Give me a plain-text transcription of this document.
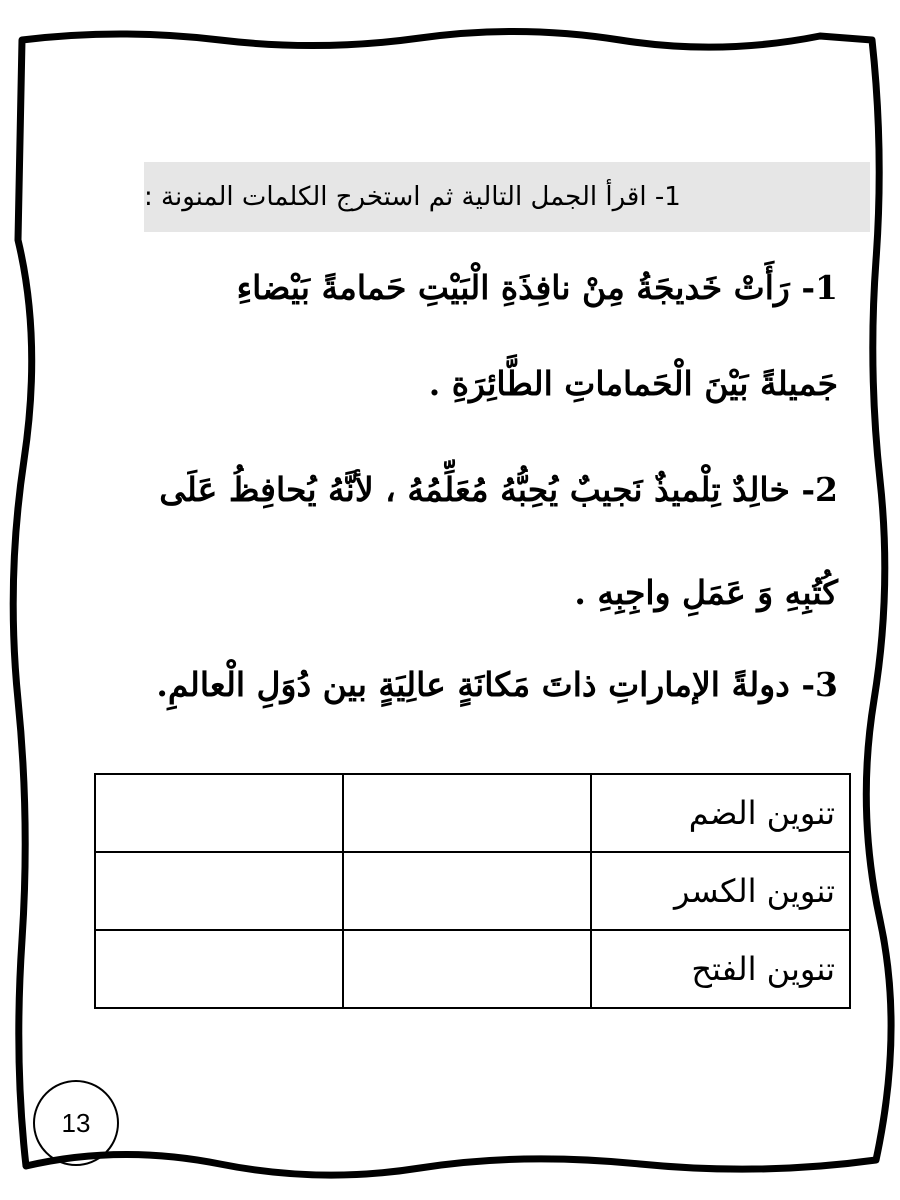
1- اقرأ الجمل التالية ثم استخرج الكلمات المنونة :
1- رَأَتْ خَديجَةُ مِنْ نافِذَةِ الْبَيْتِ حَمامةً بَيْضاءِ
جَميلةً بَيْنَ الْحَماماتِ الطَّائِرَةِ .
2- خالِدٌ تِلْميذٌ نَجيبٌ يُحِبُّهُ مُعَلِّمُهُ ، لأنَّهُ يُحافِظُ عَلَى
كُتُبِهِ وَ عَمَلِ واجِبِهِ .
3- دولةً الإماراتِ ذاتَ مَكانَةٍ عالِيَةٍ بين دُوَلِ الْعالمِ.
تنوين الضم		
تنوين الكسر		
تنوين الفتح		
13
